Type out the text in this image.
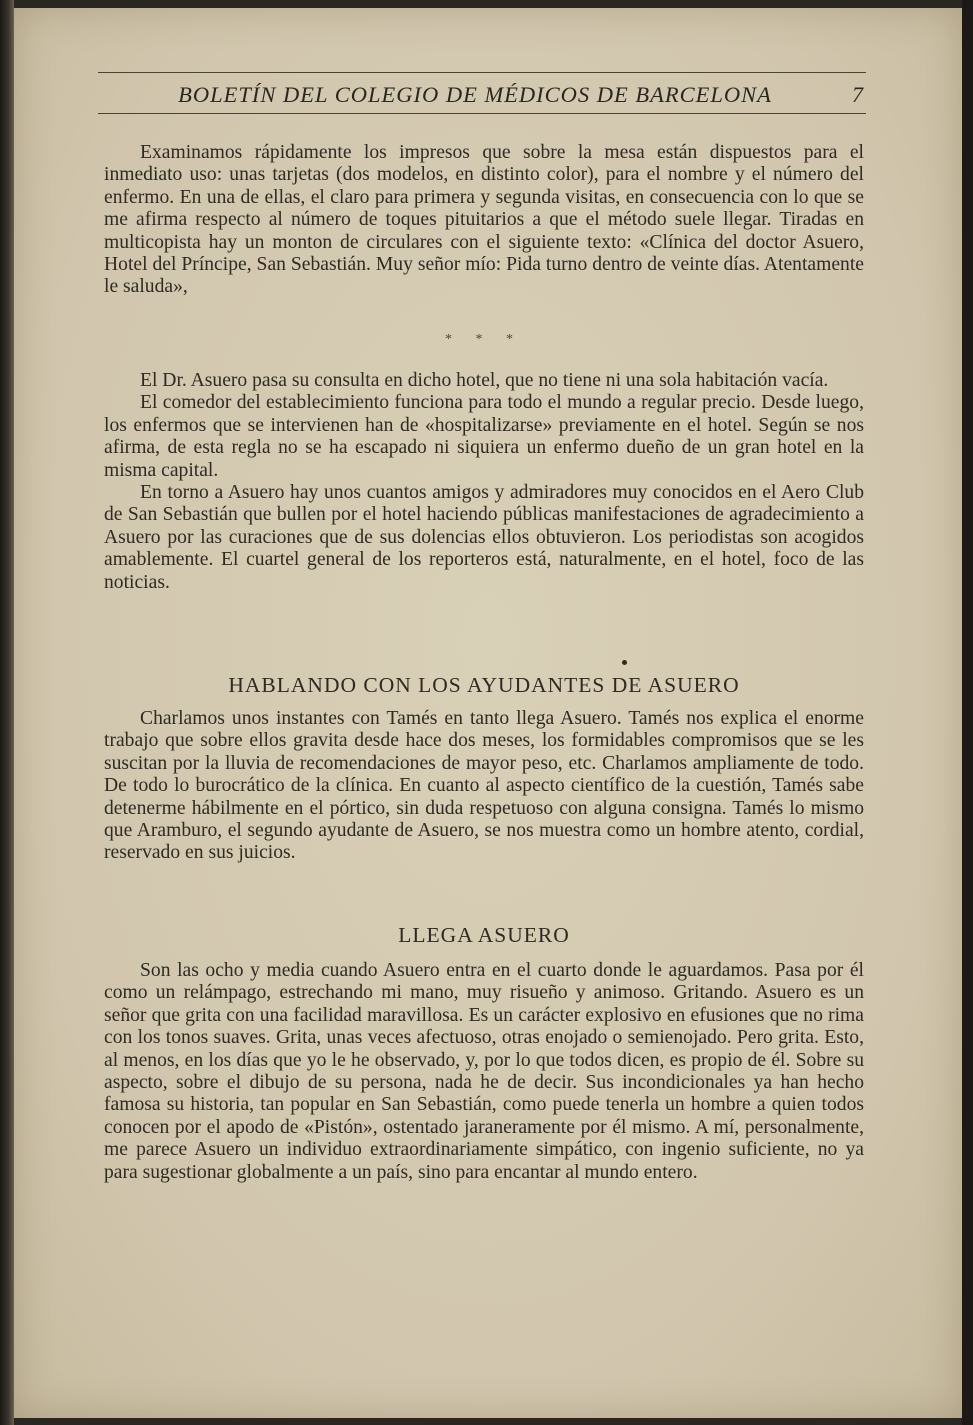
BOLETÍN DEL COLEGIO DE MÉDICOS DE BARCELONA	7

Examinamos rápidamente los impresos que sobre la mesa están dispuestos para el inmediato uso: unas tarjetas (dos modelos, en distinto color), para el nombre y el número del enfermo. En una de ellas, el claro para primera y segunda visitas, en consecuencia con lo que se me afirma respecto al número de toques pituitarios a que el método suele llegar. Tiradas en multicopista hay un monton de circulares con el siguiente texto: «Clínica del doctor Asuero, Hotel del Príncipe, San Sebastián. Muy señor mío: Pida turno dentro de veinte días. Atentamente le saluda»,

* * *

El Dr. Asuero pasa su consulta en dicho hotel, que no tiene ni una sola habitación vacía.

El comedor del establecimiento funciona para todo el mundo a regular precio. Desde luego, los enfermos que se intervienen han de «hospitalizarse» previamente en el hotel. Según se nos afirma, de esta regla no se ha escapado ni siquiera un enfermo dueño de un gran hotel en la misma capital.

En torno a Asuero hay unos cuantos amigos y admiradores muy conocidos en el Aero Club de San Sebastián que bullen por el hotel haciendo públicas manifestaciones de agradecimiento a Asuero por las curaciones que de sus dolencias ellos obtuvieron. Los periodistas son acogidos amablemente. El cuartel general de los reporteros está, naturalmente, en el hotel, foco de las noticias.

HABLANDO CON LOS AYUDANTES DE ASUERO

Charlamos unos instantes con Tamés en tanto llega Asuero. Tamés nos explica el enorme trabajo que sobre ellos gravita desde hace dos meses, los formidables compromisos que se les suscitan por la lluvia de recomendaciones de mayor peso, etc. Charlamos ampliamente de todo. De todo lo burocrático de la clínica. En cuanto al aspecto científico de la cuestión, Tamés sabe detenerme hábilmente en el pórtico, sin duda respetuoso con alguna consigna. Tamés lo mismo que Aramburo, el segundo ayudante de Asuero, se nos muestra como un hombre atento, cordial, reservado en sus juicios.

LLEGA ASUERO

Son las ocho y media cuando Asuero entra en el cuarto donde le aguardamos. Pasa por él como un relámpago, estrechando mi mano, muy risueño y animoso. Gritando. Asuero es un señor que grita con una facilidad maravillosa. Es un carácter explosivo en efusiones que no rima con los tonos suaves. Grita, unas veces afectuoso, otras enojado o semienojado. Pero grita. Esto, al menos, en los días que yo le he observado, y, por lo que todos dicen, es propio de él. Sobre su aspecto, sobre el dibujo de su persona, nada he de decir. Sus incondicionales ya han hecho famosa su historia, tan popular en San Sebastián, como puede tenerla un hombre a quien todos conocen por el apodo de «Pistón», ostentado jaraneramente por él mismo. A mí, personalmente, me parece Asuero un individuo extraordinariamente simpático, con ingenio suficiente, no ya para sugestionar globalmente a un país, sino para encantar al mundo entero.
